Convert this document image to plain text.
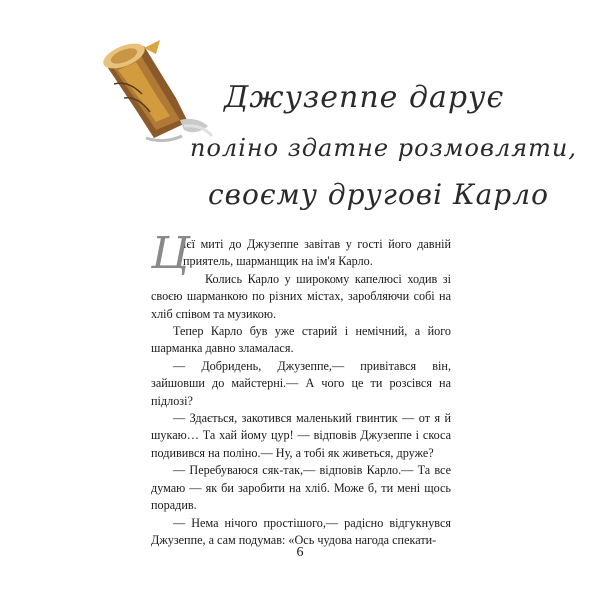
Джузеппе дарує
поліно здатне розмовляти,
своєму другові Карло

Ц
ієї миті до Джузеппе завітав у гості його давній приятель, шарманщик на ім'я Карло.

Колись Карло у широкому капелюсі ходив зі своєю шарманкою по різних містах, заробляючи собі на хліб співом та музикою.

Тепер Карло був уже старий і немічний, а його шарманка давно зламалася.

— Добридень, Джузеппе,— привітався він, зайшовши до майстерні.— А чого це ти розсівся на підлозі?

— Здається, закотився маленький гвинтик — от я й шукаю… Та хай йому цур! — відповів Джузеппе і скоса подивився на поліно.— Ну, а тобі як живеться, друже?

— Перебуваюся сяк-так,— відповів Карло.— Та все думаю — як би заробити на хліб. Може б, ти мені щось порадив.

— Нема нічого простішого,— радісно відгукнувся Джузеппе, а сам подумав: «Ось чудова нагода спекати-

6
